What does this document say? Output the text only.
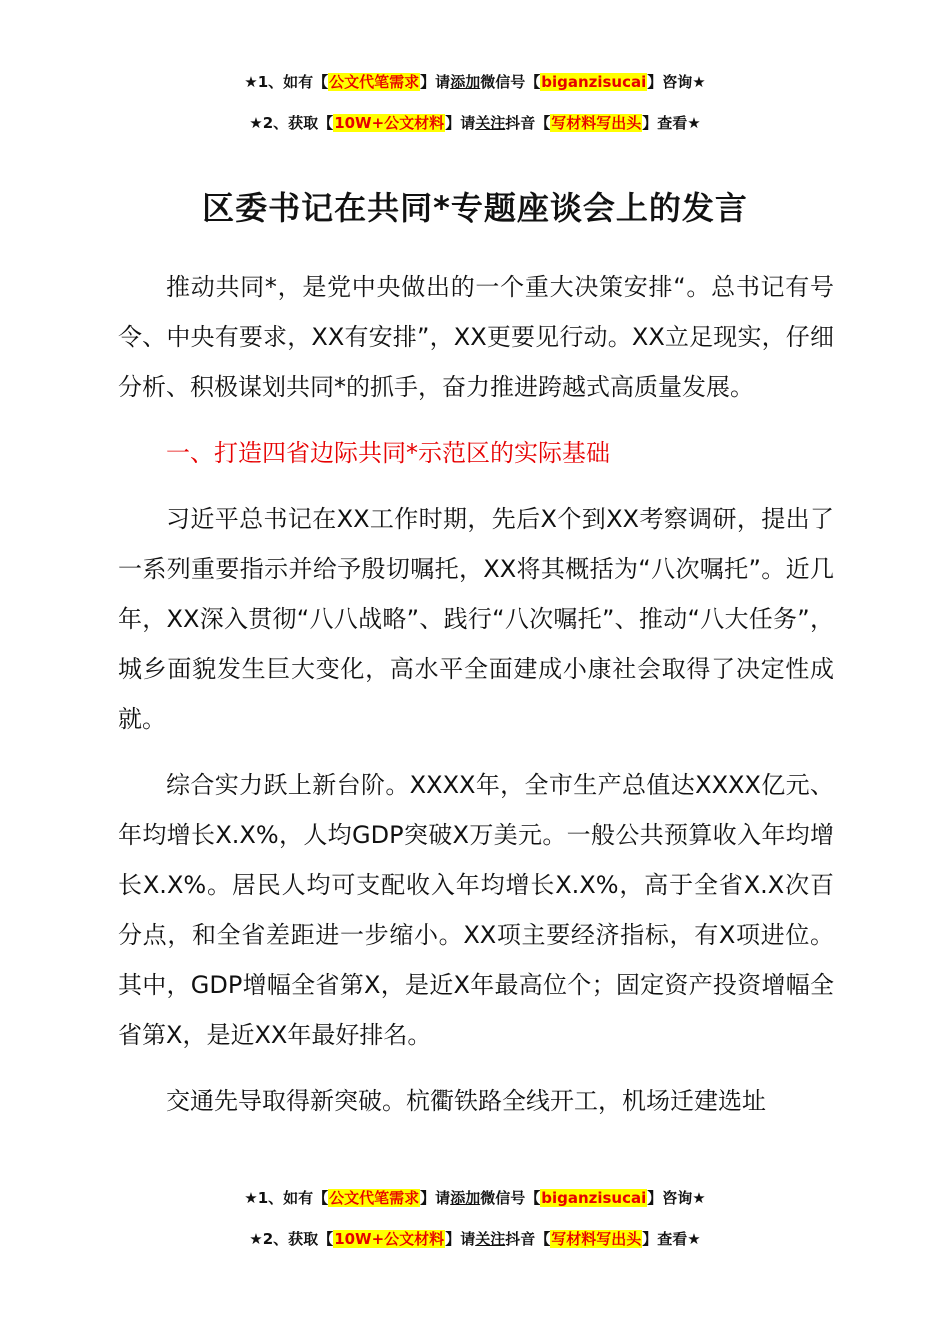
★1、如有【公文代笔需求】请添加微信号【biganzisucai】咨询★
★2、获取【10W+公文材料】请关注抖音【写材料写出头】查看★
区委书记在共同*专题座谈会上的发言

推动共同*，是党中央做出的一个重大决策安排“。总书记有号令、中央有要求，XX有安排”，XX更要见行动。XX立足现实，仔细分析、积极谋划共同*的抓手，奋力推进跨越式高质量发展。

一、打造四省边际共同*示范区的实际基础

习近平总书记在XX工作时期，先后X个到XX考察调研，提出了一系列重要指示并给予殷切嘱托，XX将其概括为“八次嘱托”。近几年，XX深入贯彻“八八战略”、践行“八次嘱托”、推动“八大任务”，城乡面貌发生巨大变化，高水平全面建成小康社会取得了决定性成就。

综合实力跃上新台阶。XXXX年，全市生产总值达XXXX亿元、年均增长X.X%，人均GDP突破X万美元。一般公共预算收入年均增长X.X%。居民人均可支配收入年均增长X.X%，高于全省X.X次百分点，和全省差距进一步缩小。XX项主要经济指标，有X项进位。其中，GDP增幅全省第X，是近X年最高位个；固定资产投资增幅全省第X，是近XX年最好排名。

交通先导取得新突破。杭衢铁路全线开工，机场迁建选址

★1、如有【公文代笔需求】请添加微信号【biganzisucai】咨询★
★2、获取【10W+公文材料】请关注抖音【写材料写出头】查看★
